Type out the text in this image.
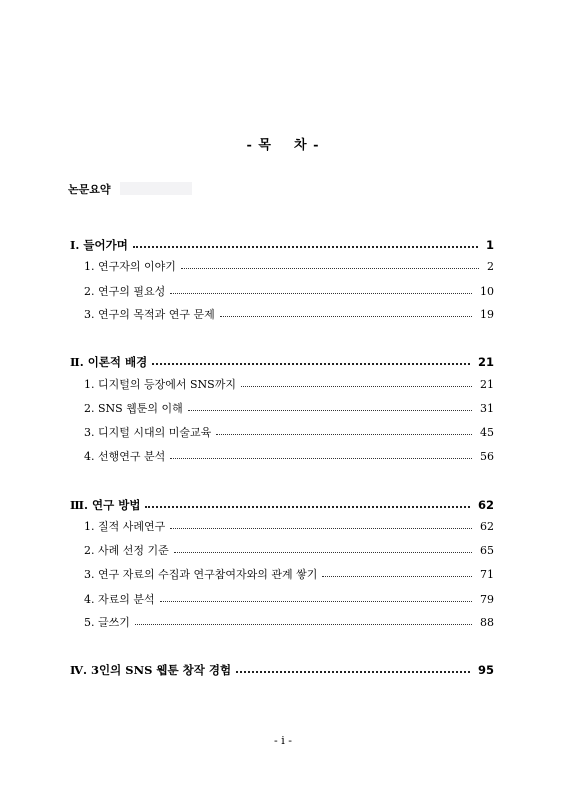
- 목    차 -
논문요약
Ⅰ. 들어가며	1
1. 연구자의 이야기	2
2. 연구의 필요성	10
3. 연구의 목적과 연구 문제	19
Ⅱ. 이론적 배경	21
1. 디지털의 등장에서 SNS까지	21
2. SNS 웹툰의 이해	31
3. 디지털 시대의 미술교육	45
4. 선행연구 분석	56
Ⅲ. 연구 방법	62
1. 질적 사례연구	62
2. 사례 선정 기준	65
3. 연구 자료의 수집과 연구참여자와의 관계 쌓기	71
4. 자료의 분석	79
5. 글쓰기	88
Ⅳ. 3인의 SNS 웹툰 창작 경험	95
- i -
